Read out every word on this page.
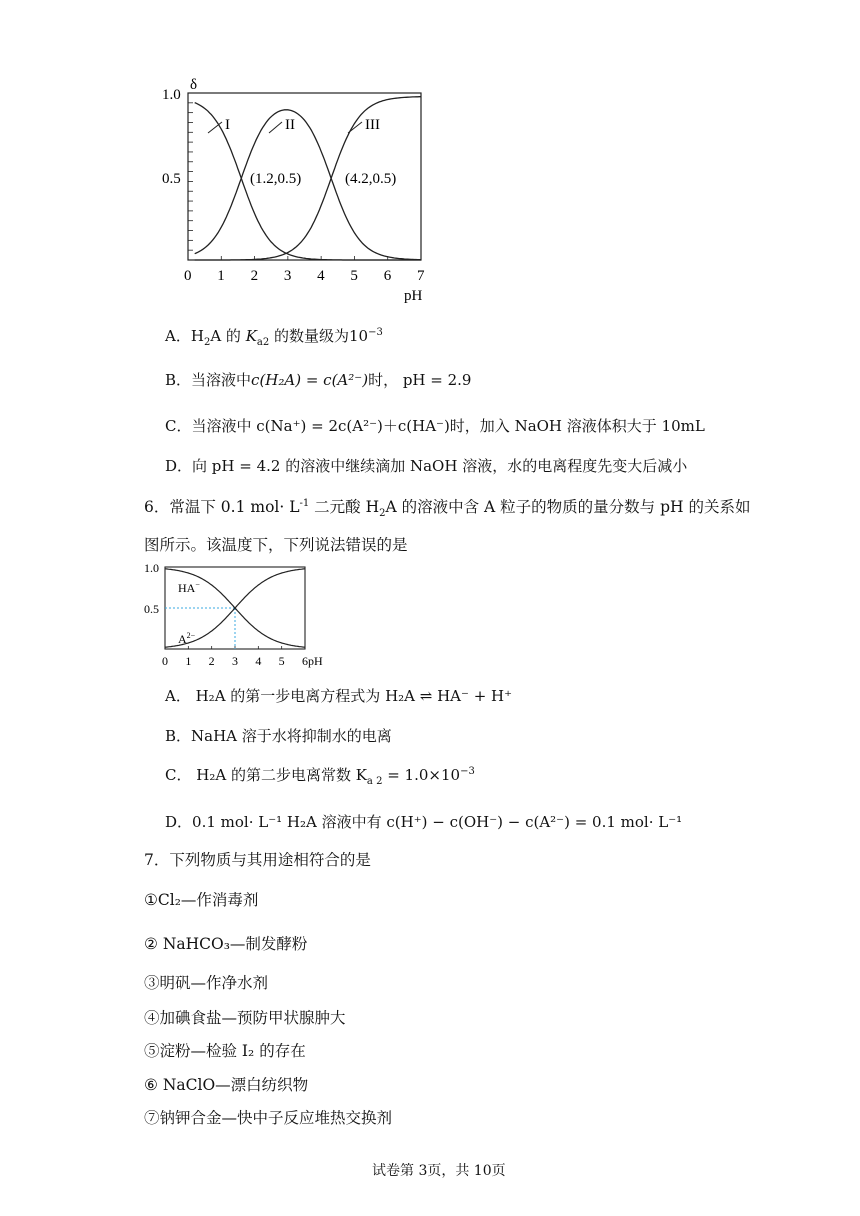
δ
1.0
0.5
0 1 2 3 4 5 6 7
pH
I	II	III
(1.2,0.5)	(4.2,0.5)
A．$H_2A$ 的 $K_{a2}$ 的数量级为$10^{-3}$
B．当溶液中c(H₂A) = c(A²⁻)时， pH = 2.9
C．当溶液中 c(Na⁺) = 2c(A²⁻)＋c(HA⁻)时，加入 NaOH 溶液体积大于 10mL
D．向 pH = 4.2 的溶液中继续滴加 NaOH 溶液，水的电离程度先变大后减小
6．常温下 0.1 $mol\cdot L^{-1}$ 二元酸 $H_2A$ 的溶液中含 A 粒子的物质的量分数与 pH 的关系如
图所示。该温度下，下列说法错误的是
0 1 2 3 4 5 6
1.0
0.5
pH
HA−
$A^{2-}$
A． H₂A 的第一步电离方程式为 H₂A ⇌ HA⁻ + H⁺
B．NaHA 溶于水将抑制水的电离
C． H₂A 的第二步电离常数 $K_{a 2} = 1.0\times 10^{-3}$
D．0.1 mol· L⁻¹ H₂A 溶液中有 c(H⁺) − c(OH⁻) − c(A²⁻) = 0.1 mol· L⁻¹
7．下列物质与其用途相符合的是
①Cl₂—作消毒剂
② NaHCO₃—制发酵粉
③明矾—作净水剂
④加碘食盐—预防甲状腺肿大
⑤淀粉—检验 I₂ 的存在
⑥ NaClO—漂白纺织物
⑦钠钾合金—快中子反应堆热交换剂
试卷第 3页，共 10页
